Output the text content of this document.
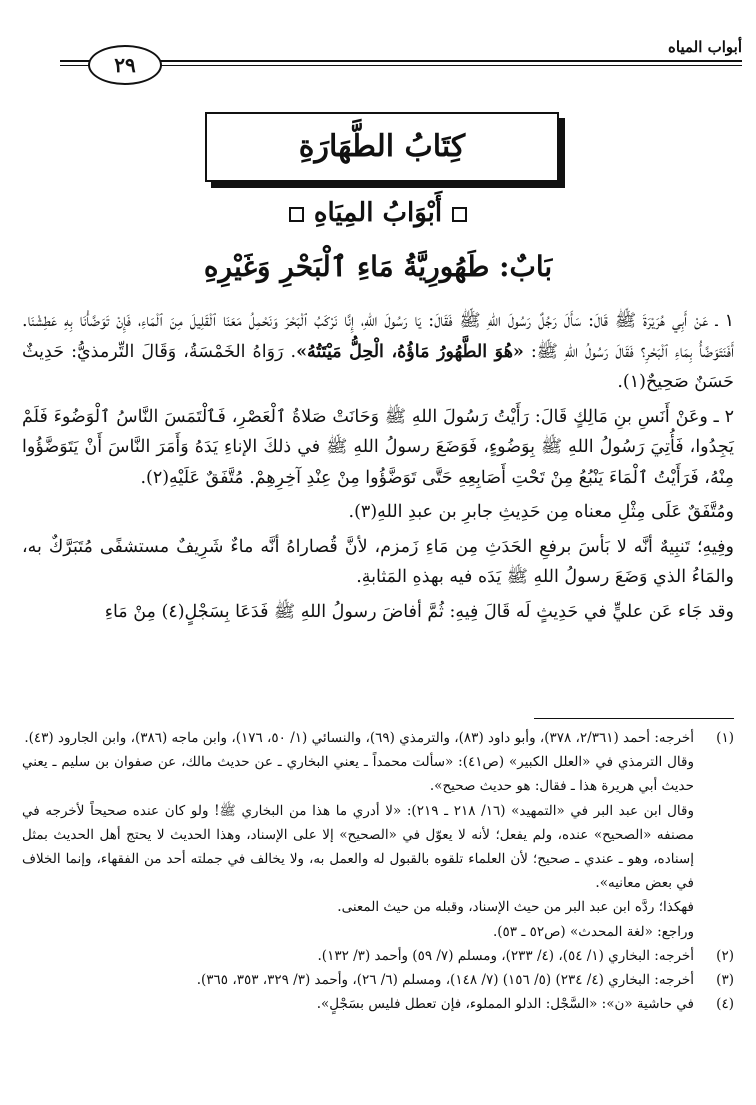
أبواب المياه
٢٩
كِتَابُ الطَّهَارَةِ
أَبْوَابُ المِيَاهِ
بَابٌ: طَهُورِيَّةُ مَاءِ ٱلْبَحْرِ وَغَيْرِهِ

١ ـ عَنْ أَبِي هُرَيْرَةَ ﷺ قَالَ: سَأَلَ رَجُلٌ رَسُولَ اللهِ ﷺ فَقَالَ: يَا رَسُولَ اللهِ، إِنَّا نَرْكَبُ ٱلْبَحْرَ وَنَحْمِلُ مَعَنَا ٱلْقَلِيلَ مِنَ ٱلْمَاءِ، فَإِنْ تَوَضَّأْنَا بِهِ عَطِشْنَا. أَفَنَتَوَضَّأُ بِمَاءِ ٱلْبَحْرِ؟ فَقَالَ رَسُولُ اللهِ ﷺ: «هُوَ الطَّهُورُ مَاؤُهُ، الْحِلُّ مَيْتَتُهُ». رَوَاهُ الخَمْسَةُ، وَقَالَ التِّرمذيُّ: حَدِيثٌ حَسَنٌ صَحِيحٌ(١).

٢ ـ وعَنْ أَنَسِ بنِ مَالِكٍ قَالَ: رَأَيْتُ رَسُولَ اللهِ ﷺ وَحَانَتْ صَلاةُ ٱلْعَصْرِ، فَٱلْتَمَسَ النَّاسُ ٱلْوَضُوءَ فَلَمْ يَجِدُوا، فَأُتِيَ رَسُولُ اللهِ ﷺ بِوَضُوءٍ، فَوَضَعَ رسولُ اللهِ ﷺ في ذلكَ الإناءِ يَدَهُ وَأَمَرَ النَّاسَ أَنْ يَتَوَضَّؤُوا مِنْهُ، فَرَأَيْتُ ٱلْمَاءَ يَنْبُعُ مِنْ تَحْتِ أَصَابِعِهِ حَتَّى تَوَضَّؤُوا مِنْ عِنْدِ آخِرِهِمْ. مُتَّفَقٌ عَلَيْهِ(٢).

ومُتَّفَقٌ عَلَى مِثْلِ معناه مِن حَدِيثِ جابرِ بن عبدِ اللهِ(٣).

وفِيهِ؛ تَنبِيهٌ أنَّه لا بَأسَ برفعِ الحَدَثِ مِن مَاءِ زَمزم، لأنَّ قُصاراهُ أنَّه ماءٌ شَرِيفٌ مستشفًى مُتَبَرَّكٌ به، والمَاءُ الذي وَضَعَ رسولُ اللهِ ﷺ يَدَه فيه بهذهِ المَثابةِ.

وقد جَاء عَن عليٍّ في حَدِيثٍ لَه قَالَ فِيهِ: ثُمَّ أفاضَ رسولُ اللهِ ﷺ فَدَعَا بِسَجْلٍ(٤) مِنْ مَاءِ

(١)

أخرجه: أحمد (٢/٣٦١، ٣٧٨)، وأبو داود (٨٣)، والترمذي (٦٩)، والنسائي (١/ ٥٠، ١٧٦)، وابن ماجه (٣٨٦)، وابن الجارود (٤٣).

وقال الترمذي في «العلل الكبير» (ص٤١): «سألت محمداً ـ يعني البخاري ـ عن حديث مالك، عن صفوان بن سليم ـ يعني حديث أبي هريرة هذا ـ فقال: هو حديث صحيح».

وقال ابن عبد البر في «التمهيد» (١٦/ ٢١٨ ـ ٢١٩): «لا أدري ما هذا من البخاري ﷺ! ولو كان عنده صحيحاً لأخرجه في مصنفه «الصحيح» عنده، ولم يفعل؛ لأنه لا يعوّل في «الصحيح» إلا على الإسناد، وهذا الحديث لا يحتج أهل الحديث بمثل إسناده، وهو ـ عندي ـ صحيح؛ لأن العلماء تلقوه بالقبول له والعمل به، ولا يخالف في جملته أحد من الفقهاء، وإنما الخلاف في بعض معانيه».

فهكذا؛ ردَّه ابن عبد البر من حيث الإسناد، وقبله من حيث المعنى.

وراجع: «لغة المحدث» (ص٥٢ ـ ٥٣).

(٢)

أخرجه: البخاري (١/ ٥٤)، (٤/ ٢٣٣)، ومسلم (٧/ ٥٩) وأحمد (٣/ ١٣٢).

(٣)

أخرجه: البخاري (٤/ ٢٣٤) (٥/ ١٥٦) (٧/ ١٤٨)، ومسلم (٦/ ٢٦)، وأحمد (٣/ ٣٢٩، ٣٥٣، ٣٦٥).

(٤)

في حاشية «ن»: «السَّجْل: الدلو المملوء، فإن تعطل فليس بسَجْلٍ».
